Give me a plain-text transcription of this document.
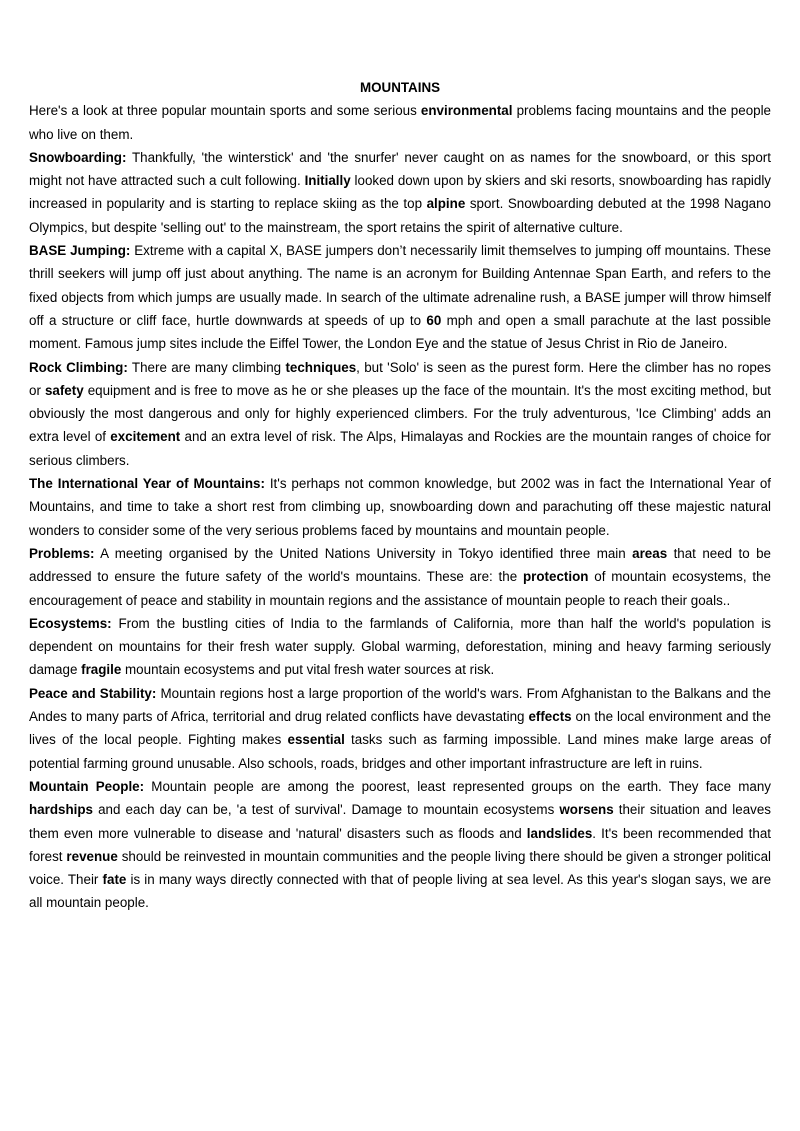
MOUNTAINS

Here's a look at three popular mountain sports and some serious environmental problems facing mountains and the people who live on them.

Snowboarding: Thankfully, 'the winterstick' and 'the snurfer' never caught on as names for the snowboard, or this sport might not have attracted such a cult following. Initially looked down upon by skiers and ski resorts, snowboarding has rapidly increased in popularity and is starting to replace skiing as the top alpine sport. Snowboarding debuted at the 1998 Nagano Olympics, but despite 'selling out' to the mainstream, the sport retains the spirit of alternative culture.

BASE Jumping: Extreme with a capital X, BASE jumpers don’t necessarily limit themselves to jumping off mountains. These thrill seekers will jump off just about anything. The name is an acronym for Building Antennae Span Earth, and refers to the fixed objects from which jumps are usually made. In search of the ultimate adrenaline rush, a BASE jumper will throw himself off a structure or cliff face, hurtle downwards at speeds of up to 60 mph and open a small parachute at the last possible moment. Famous jump sites include the Eiffel Tower, the London Eye and the statue of Jesus Christ in Rio de Janeiro.

Rock Climbing: There are many climbing techniques, but 'Solo' is seen as the purest form. Here the climber has no ropes or safety equipment and is free to move as he or she pleases up the face of the mountain. It's the most exciting method, but obviously the most dangerous and only for highly experienced climbers. For the truly adventurous, 'Ice Climbing' adds an extra level of excitement and an extra level of risk. The Alps, Himalayas and Rockies are the mountain ranges of choice for serious climbers.

The International Year of Mountains: It's perhaps not common knowledge, but 2002 was in fact the International Year of Mountains, and time to take a short rest from climbing up, snowboarding down and parachuting off these majestic natural wonders to consider some of the very serious problems faced by mountains and mountain people.

Problems: A meeting organised by the United Nations University in Tokyo identified three main areas that need to be addressed to ensure the future safety of the world's mountains. These are: the protection of mountain ecosystems, the encouragement of peace and stability in mountain regions and the assistance of mountain people to reach their goals..

Ecosystems: From the bustling cities of India to the farmlands of California, more than half the world's population is dependent on mountains for their fresh water supply. Global warming, deforestation, mining and heavy farming seriously damage fragile mountain ecosystems and put vital fresh water sources at risk.

Peace and Stability: Mountain regions host a large proportion of the world's wars. From Afghanistan to the Balkans and the Andes to many parts of Africa, territorial and drug related conflicts have devastating effects on the local environment and the lives of the local people. Fighting makes essential tasks such as farming impossible. Land mines make large areas of potential farming ground unusable. Also schools, roads, bridges and other important infrastructure are left in ruins.

Mountain People: Mountain people are among the poorest, least represented groups on the earth. They face many hardships and each day can be, 'a test of survival'. Damage to mountain ecosystems worsens their situation and leaves them even more vulnerable to disease and 'natural' disasters such as floods and landslides. It's been recommended that forest revenue should be reinvested in mountain communities and the people living there should be given a stronger political voice. Their fate is in many ways directly connected with that of people living at sea level. As this year's slogan says, we are all mountain people.
